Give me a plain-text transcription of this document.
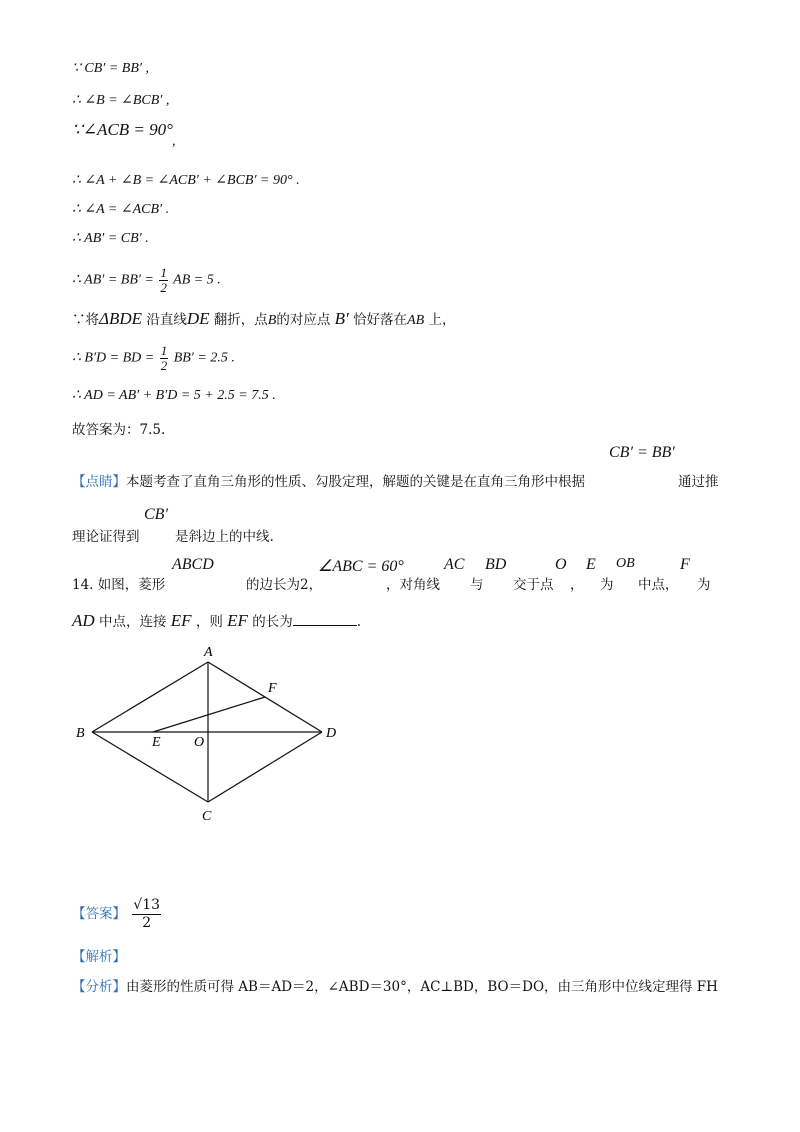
∵ CB′ = BB′ ,
∴ ∠B = ∠BCB′ ,
∵∠ACB = 90°
,
∴ ∠A + ∠B = ∠ACB′ + ∠BCB′ = 90° .
∴ ∠A = ∠ACB′ .
∴ AB′ = CB′ .
∴ $AB' = BB' = \frac{1}{2}$ AB = 5 .
∵将ΔBDE 沿直线DE 翻折，点B的对应点 B′ 恰好落在AB 上，
∴ B′D = BD = $\frac{1}{2} BB' = 2.5$ .
∴ AD = AB′ + B′D = 5 + 2.5 = 7.5 .
故答案为：7.5.
【点睛】本题考查了直角三角形的性质、勾股定理，解题的关键是在直角三角形中根据
CB′ = BB′
通过推
理论证得到
CB′
是斜边上的中线.
14. 如图，菱形
ABCD
的边长为2，
∠ABC = 60°
，对角线
AC
与
BD
交于点
O
，
E
为
OB
中点，
F
为
AD 中点，连接 EF ，则 EF 的长为	.
A
B
C
D
E O
F
【答案】 $\frac{√13}{2}$
【解析】
【分析】由菱形的性质可得 AB＝AD＝2，∠ABD＝30°，AC⊥BD，BO＝DO，由三角形中位线定理得 FH
